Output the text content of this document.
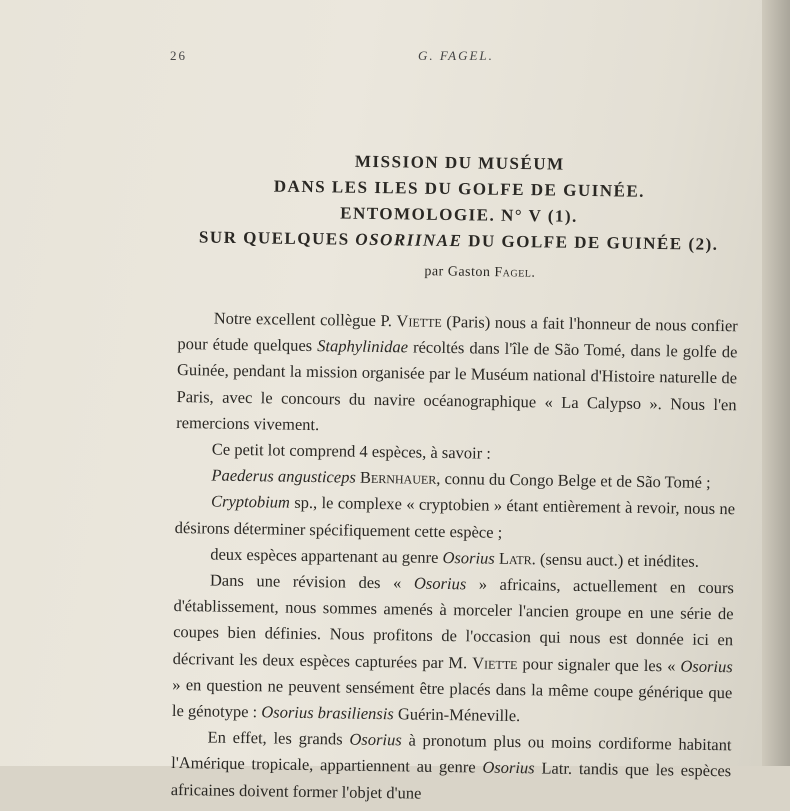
26	G. FAGEL.
MISSION DU MUSÉUM
DANS LES ILES DU GOLFE DE GUINÉE.
ENTOMOLOGIE. N° V (1).
SUR QUELQUES OSORIINAE DU GOLFE DE GUINÉE (2).
par Gaston Fagel.

Notre excellent collègue P. Viette (Paris) nous a fait l'honneur de nous confier pour étude quelques Staphylinidae récoltés dans l'île de São Tomé, dans le golfe de Guinée, pendant la mission organisée par le Muséum national d'Histoire naturelle de Paris, avec le concours du navire océanographique « La Calypso ». Nous l'en remercions vivement.

Ce petit lot comprend 4 espèces, à savoir :

Paederus angusticeps Bernhauer, connu du Congo Belge et de São Tomé ;

Cryptobium sp., le complexe « cryptobien » étant entièrement à revoir, nous ne désirons déterminer spécifiquement cette espèce ;

deux espèces appartenant au genre Osorius Latr. (sensu auct.) et inédites.

Dans une révision des « Osorius » africains, actuellement en cours d'établissement, nous sommes amenés à morceler l'ancien groupe en une série de coupes bien définies. Nous profitons de l'occasion qui nous est donnée ici en décrivant les deux espèces capturées par M. Viette pour signaler que les « Osorius » en question ne peuvent sensément être placés dans la même coupe générique que le génotype : Osorius brasiliensis Guérin-Méneville.

En effet, les grands Osorius à pronotum plus ou moins cordiforme habitant l'Amérique tropicale, appartiennent au genre Osorius Latr. tandis que les espèces africaines doivent former l'objet d'une
